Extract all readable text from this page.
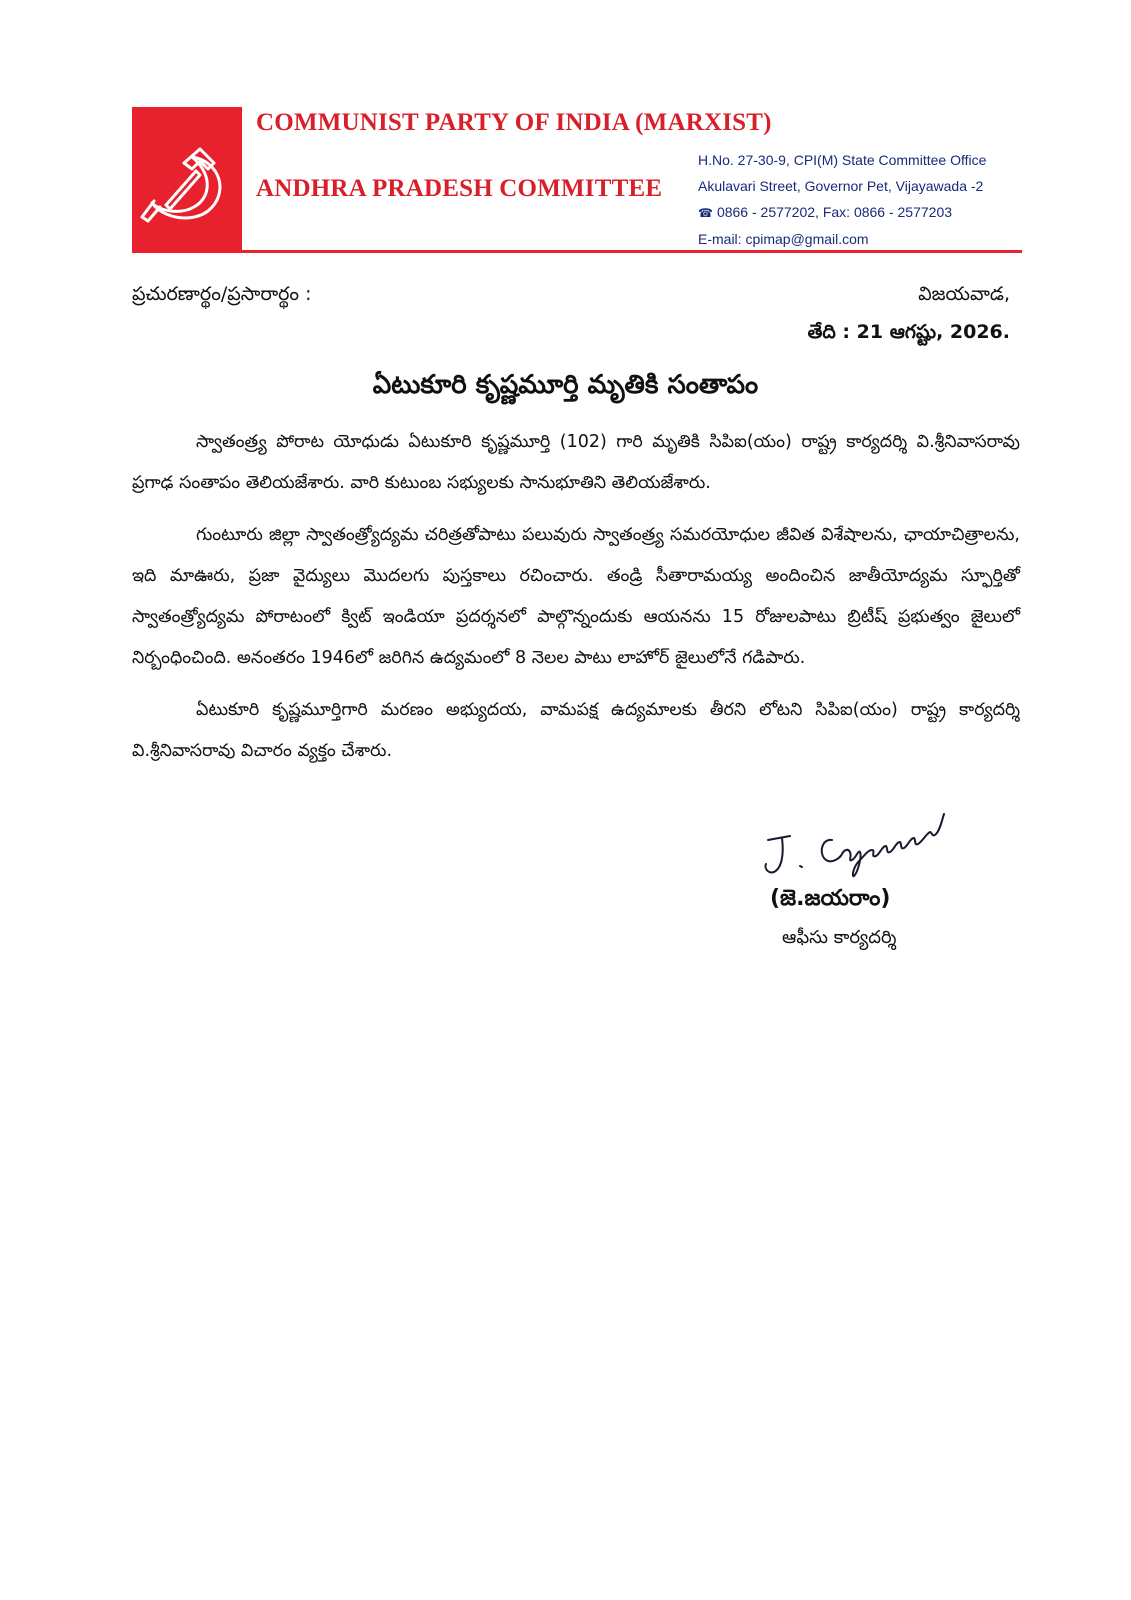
COMMUNIST PARTY OF INDIA (MARXIST)
ANDHRA PRADESH COMMITTEE
H.No. 27-30-9, CPI(M) State Committee Office
Akulavari Street, Governor Pet, Vijayawada -2
☎ 0866 - 2577202, Fax: 0866 - 2577203
E-mail: cpimap@gmail.com
ప్రచురణార్థం/ప్రసారార్థం :	విజయవాడ,
తేది : 21 ఆగష్టు, 2026.
ఏటుకూరి కృష్ణమూర్తి మృతికి సంతాపం

స్వాతంత్ర్య పోరాట యోధుడు ఏటుకూరి కృష్ణమూర్తి (102) గారి మృతికి సిపిఐ(యం) రాష్ట్ర కార్యదర్శి వి.శ్రీనివాసరావు ప్రగాఢ సంతాపం తెలియజేశారు. వారి కుటుంబ సభ్యులకు సానుభూతిని తెలియజేశారు.

గుంటూరు జిల్లా స్వాతంత్ర్యోద్యమ చరిత్రతోపాటు పలువురు స్వాతంత్ర్య సమరయోధుల జీవిత విశేషాలను, ఛాయాచిత్రాలను, ఇది మాఊరు, ప్రజా వైద్యులు మొదలగు పుస్తకాలు రచించారు. తండ్రి సీతారామయ్య అందించిన జాతీయోద్యమ స్ఫూర్తితో స్వాతంత్ర్యోద్యమ పోరాటంలో క్విట్ ఇండియా ప్రదర్శనలో పాల్గొన్నందుకు ఆయనను 15 రోజులపాటు బ్రిటీష్ ప్రభుత్వం జైలులో నిర్బంధించింది. అనంతరం 1946లో జరిగిన ఉద్యమంలో 8 నెలల పాటు లాహోర్ జైలులోనే గడిపారు.

ఏటుకూరి కృష్ణమూర్తిగారి మరణం అభ్యుదయ, వామపక్ష ఉద్యమాలకు తీరని లోటని సిపిఐ(యం) రాష్ట్ర కార్యదర్శి వి.శ్రీనివాసరావు విచారం వ్యక్తం చేశారు.

(జె.జయరాం)
ఆఫీసు కార్యదర్శి
